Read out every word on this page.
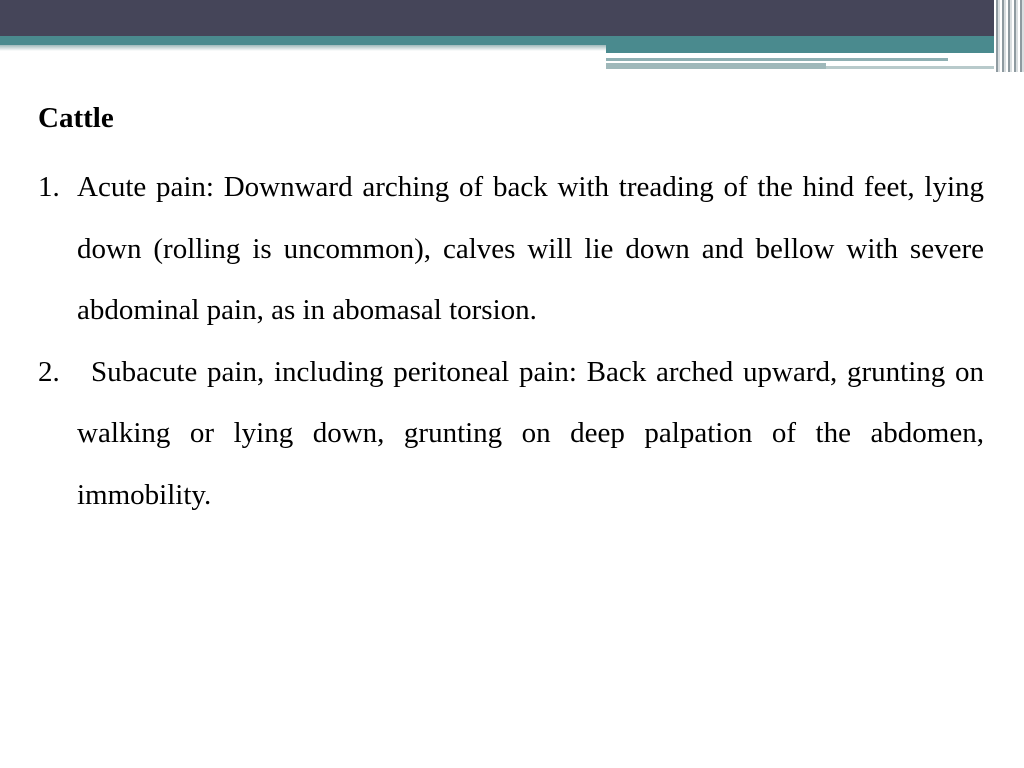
Cattle
1. Acute pain: Downward arching of back with treading of the hind feet, lying down (rolling is uncommon), calves will lie down and bellow with severe abdominal pain, as in abomasal torsion.
2.	Subacute pain, including peritoneal pain: Back arched upward, grunting on walking or lying down, grunting on deep palpation of the abdomen, immobility.
